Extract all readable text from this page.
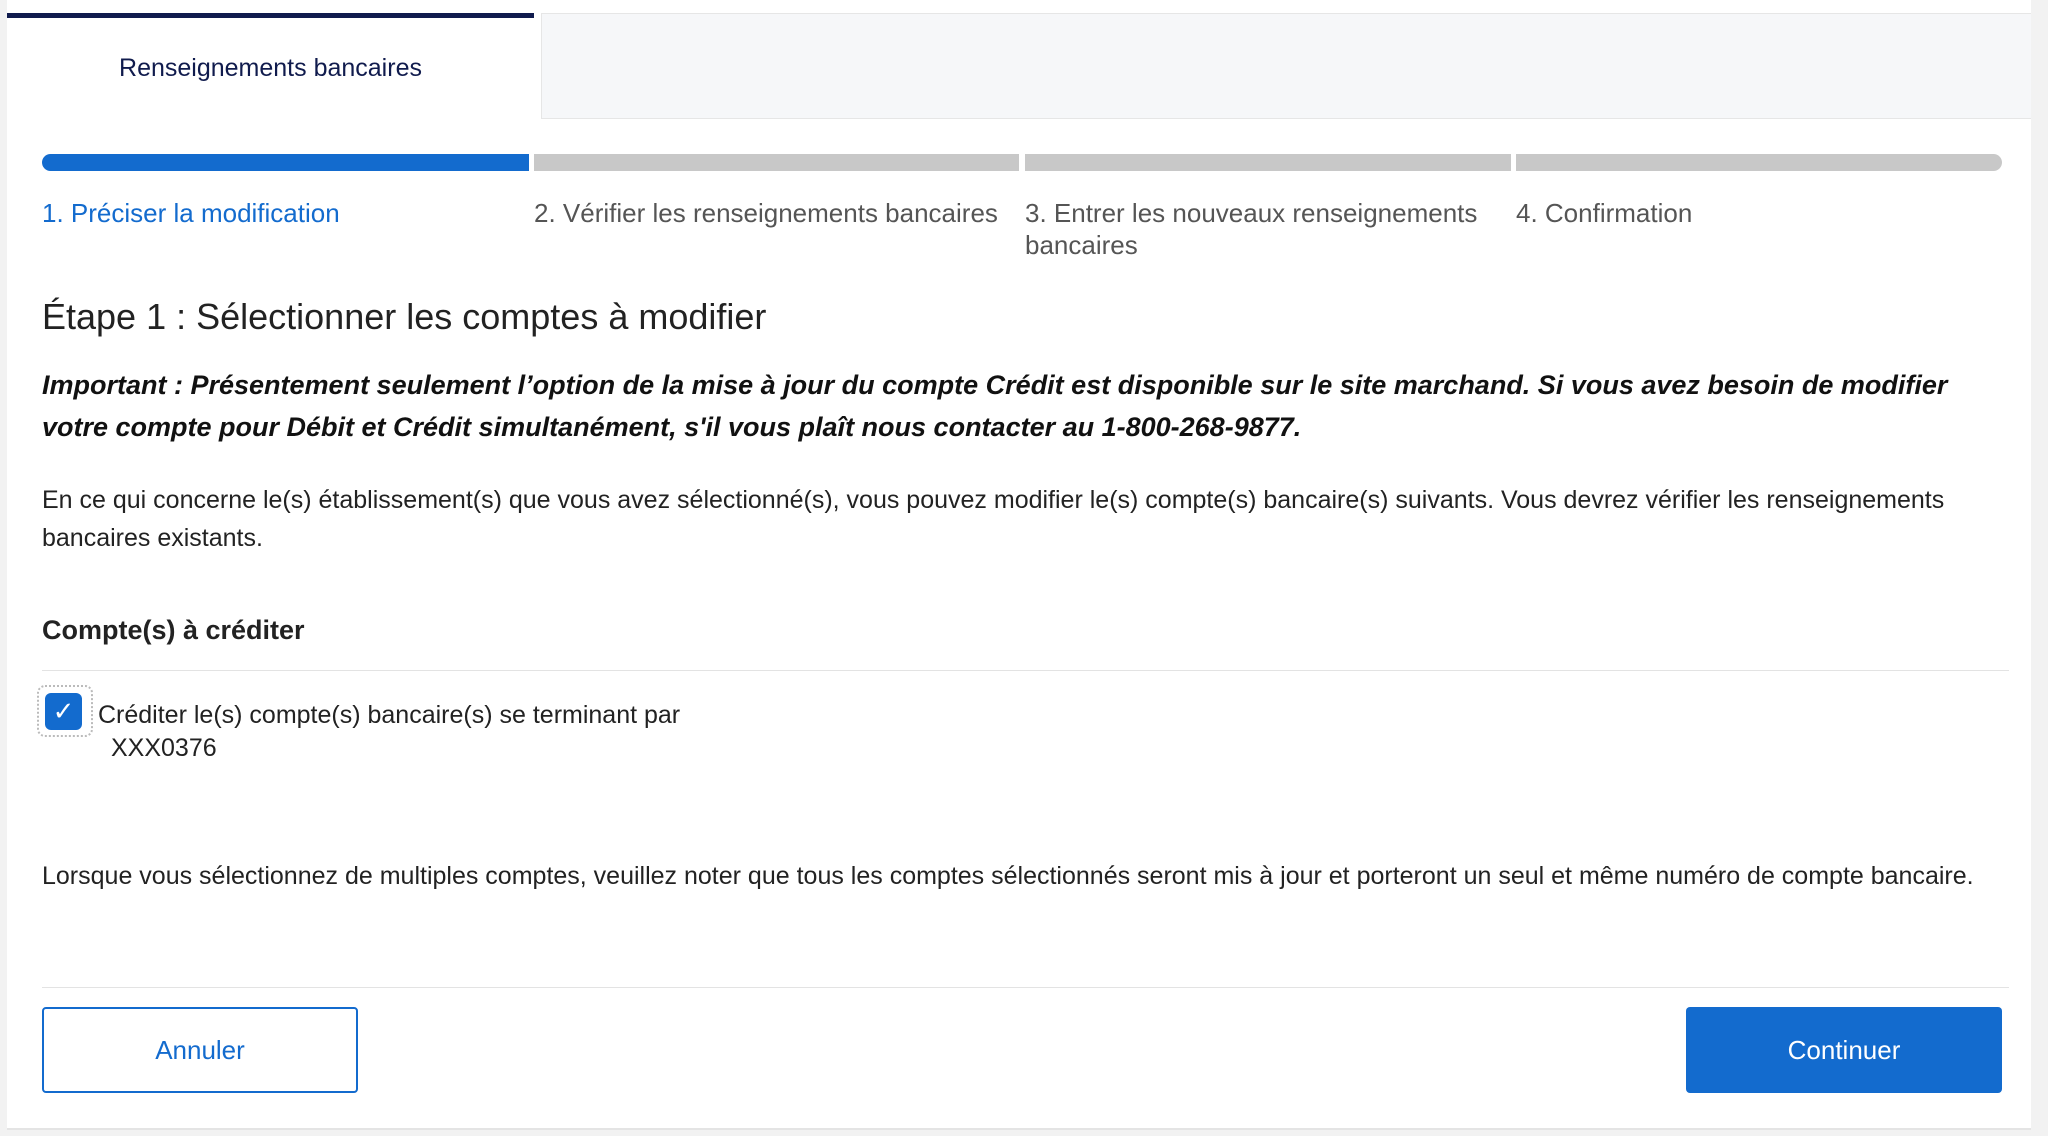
Renseignements bancaires
1. Préciser la modification	2. Vérifier les renseignements bancaires	3. Entrer les nouveaux renseignements bancaires
4. Confirmation
Étape 1 : Sélectionner les comptes à modifier
Important : Présentement seulement l’option de la mise à jour du compte Crédit est disponible sur le site marchand. Si vous avez besoin de modifier votre compte pour Débit et Crédit simultanément, s'il vous plaît nous contacter au 1-800-268-9877.
En ce qui concerne le(s) établissement(s) que vous avez sélectionné(s), vous pouvez modifier le(s) compte(s) bancaire(s) suivants. Vous devrez vérifier les renseignements bancaires existants.
Compte(s) à créditer
✓ Créditer le(s) compte(s) bancaire(s) se terminant par
XXX0376
Lorsque vous sélectionnez de multiples comptes, veuillez noter que tous les comptes sélectionnés seront mis à jour et porteront un seul et même numéro de compte bancaire.
Annuler	Continuer
